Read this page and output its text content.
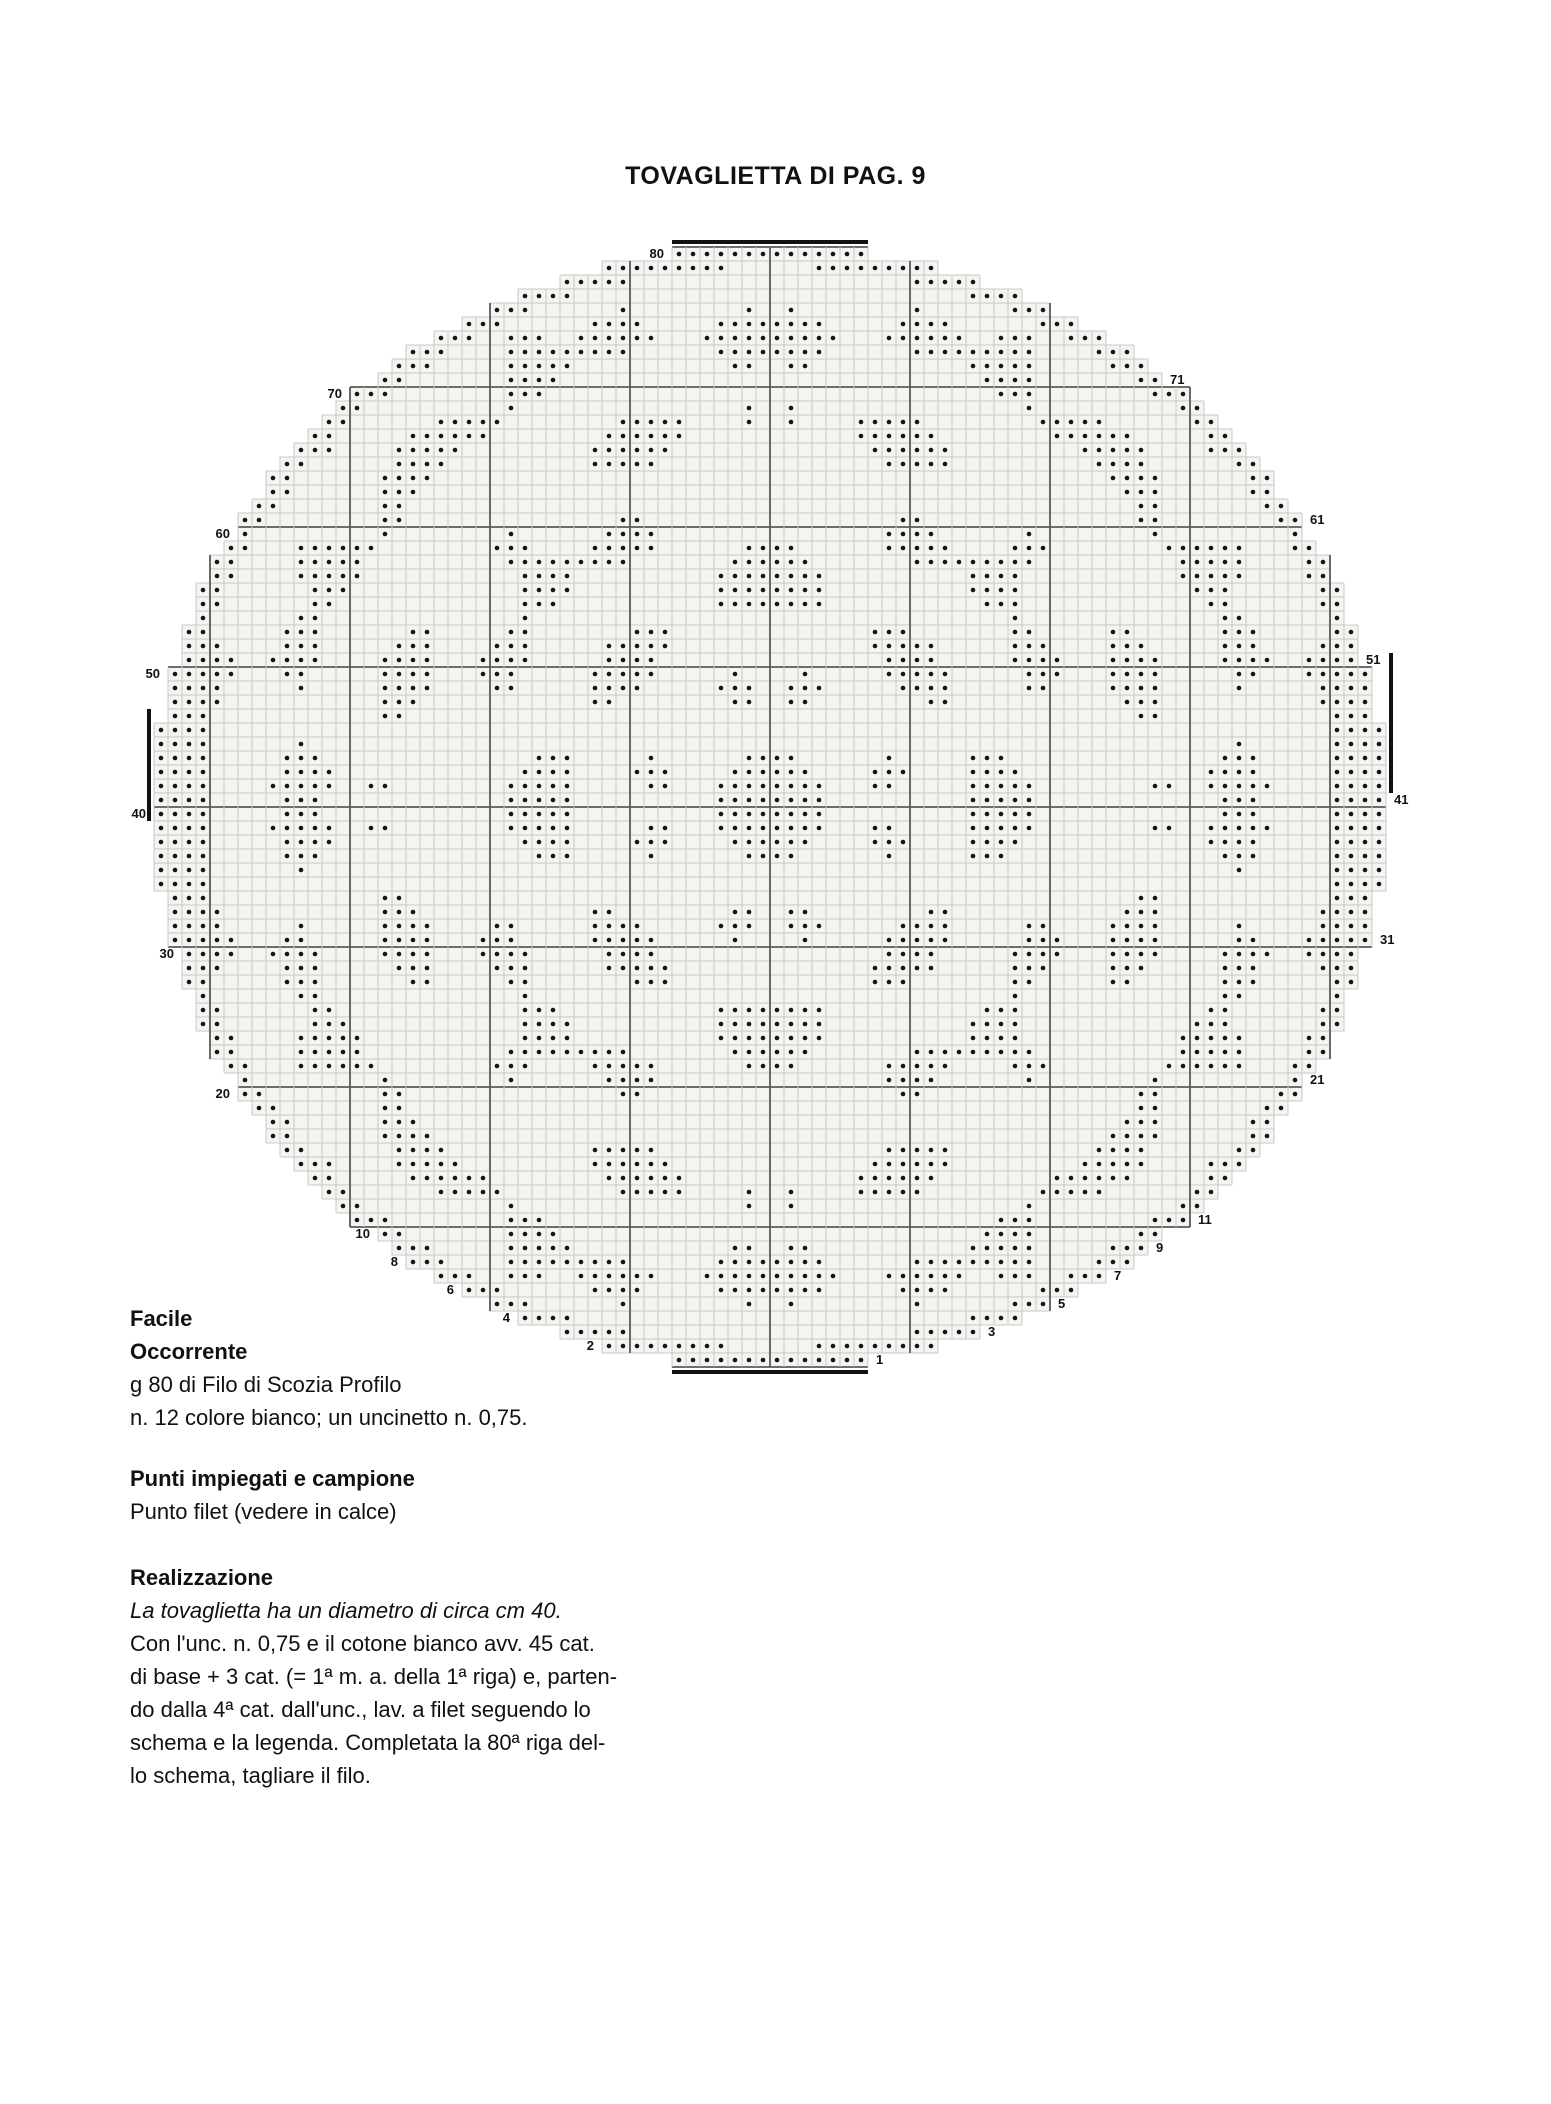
TOVAGLIETTA DI PAG. 9
80
70
60
50
40
30
20
10
8
6
4
2
71
61
51
41
31
21
11
9
7
5
3
1

Facile

Occorrente

g 80 di Filo di Scozia Profilo

n. 12 colore bianco; un uncinetto n. 0,75.

Punti impiegati e campione

Punto filet (vedere in calce)

Realizzazione

La tovaglietta ha un diametro di circa cm 40.

Con l'unc. n. 0,75 e il cotone bianco avv. 45 cat.

di base + 3 cat. (= 1ª m. a. della 1ª riga) e, parten-

do dalla 4ª cat. dall'unc., lav. a filet seguendo lo

schema e la legenda. Completata la 80ª riga del-

lo schema, tagliare il filo.
